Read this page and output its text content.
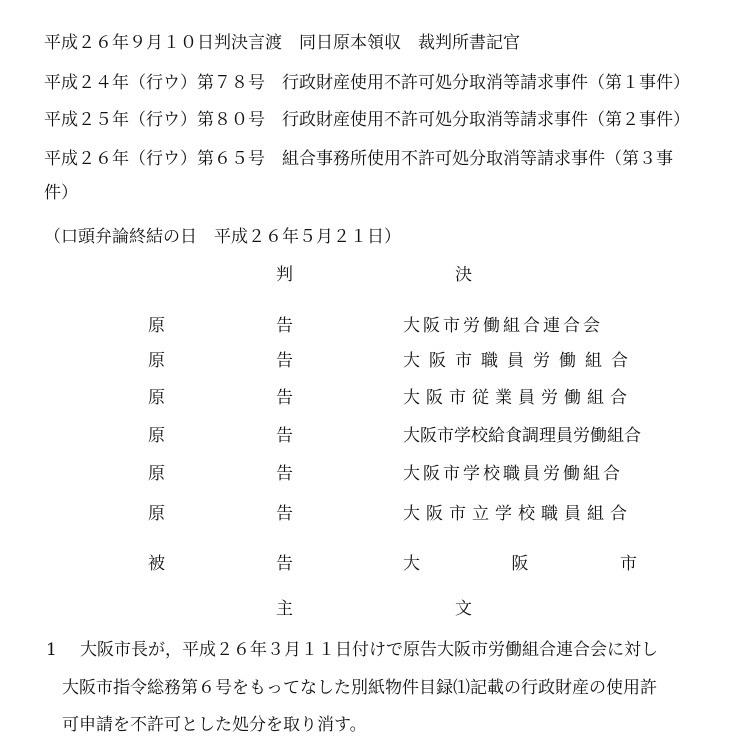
平成２６年９月１０日判決言渡　同日原本領収　裁判所書記官
平成２４年（行ウ）第７８号　行政財産使用不許可処分取消等請求事件（第１事件）
平成２５年（行ウ）第８０号　行政財産使用不許可処分取消等請求事件（第２事件）
平成２６年（行ウ）第６５号　組合事務所使用不許可処分取消等請求事件（第３事
件）
（口頭弁論終結の日　平成２６年５月２１日）
判	決
原	告	大阪市労働組合連合会
原	告	大阪市職員労働組合
原	告	大阪市従業員労働組合
原	告	大阪市学校給食調理員労働組合
原	告	大阪市学校職員労働組合
原	告	大阪市立学校職員組合
被	告	大	阪	市
主	文
1 大阪市長が，平成２６年３月１１日付けで原告大阪市労働組合連合会に対し
大阪市指令総務第６号をもってなした別紙物件目録⑴記載の行政財産の使用許
可申請を不許可とした処分を取り消す。
